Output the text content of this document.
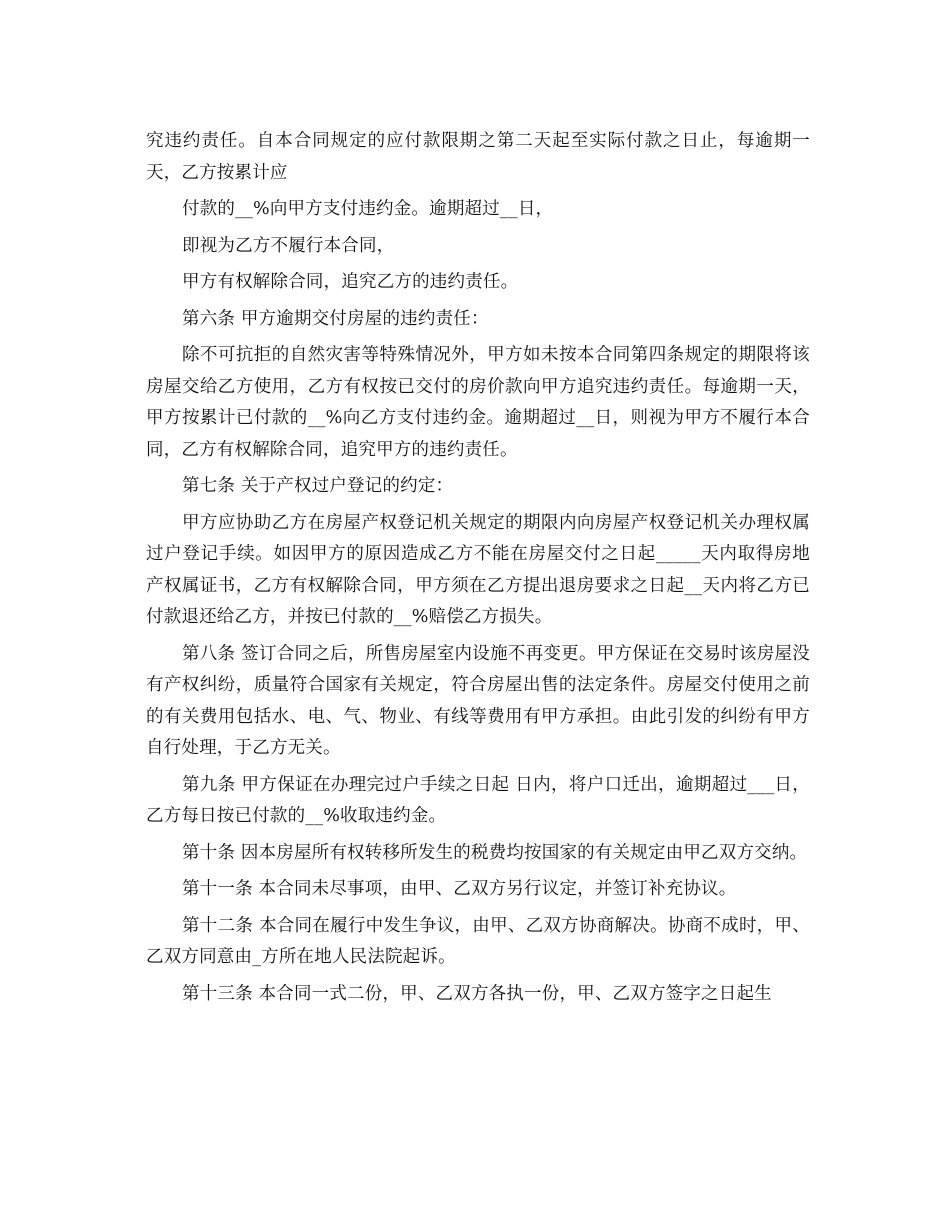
究违约责任。自本合同规定的应付款限期之第二天起至实际付款之日止，每逾期一天，乙方按累计应

付款的__%向甲方支付违约金。逾期超过__日，

即视为乙方不履行本合同，

甲方有权解除合同，追究乙方的违约责任。

第六条 甲方逾期交付房屋的违约责任：

除不可抗拒的自然灾害等特殊情况外，甲方如未按本合同第四条规定的期限将该房屋交给乙方使用，乙方有权按已交付的房价款向甲方追究违约责任。每逾期一天，甲方按累计已付款的__%向乙方支付违约金。逾期超过__日，则视为甲方不履行本合同，乙方有权解除合同，追究甲方的违约责任。

第七条 关于产权过户登记的约定：

甲方应协助乙方在房屋产权登记机关规定的期限内向房屋产权登记机关办理权属过户登记手续。如因甲方的原因造成乙方不能在房屋交付之日起_____天内取得房地产权属证书，乙方有权解除合同，甲方须在乙方提出退房要求之日起__天内将乙方已付款退还给乙方，并按已付款的__%赔偿乙方损失。

第八条 签订合同之后，所售房屋室内设施不再变更。甲方保证在交易时该房屋没有产权纠纷，质量符合国家有关规定，符合房屋出售的法定条件。房屋交付使用之前的有关费用包括水、电、气、物业、有线等费用有甲方承担。由此引发的纠纷有甲方自行处理，于乙方无关。

第九条 甲方保证在办理完过户手续之日起 日内，将户口迁出，逾期超过___日，乙方每日按已付款的__%收取违约金。

第十条 因本房屋所有权转移所发生的税费均按国家的有关规定由甲乙双方交纳。

第十一条 本合同未尽事项，由甲、乙双方另行议定，并签订补充协议。

第十二条 本合同在履行中发生争议，由甲、乙双方协商解决。协商不成时，甲、乙双方同意由_方所在地人民法院起诉。

第十三条 本合同一式二份，甲、乙双方各执一份，甲、乙双方签字之日起生
